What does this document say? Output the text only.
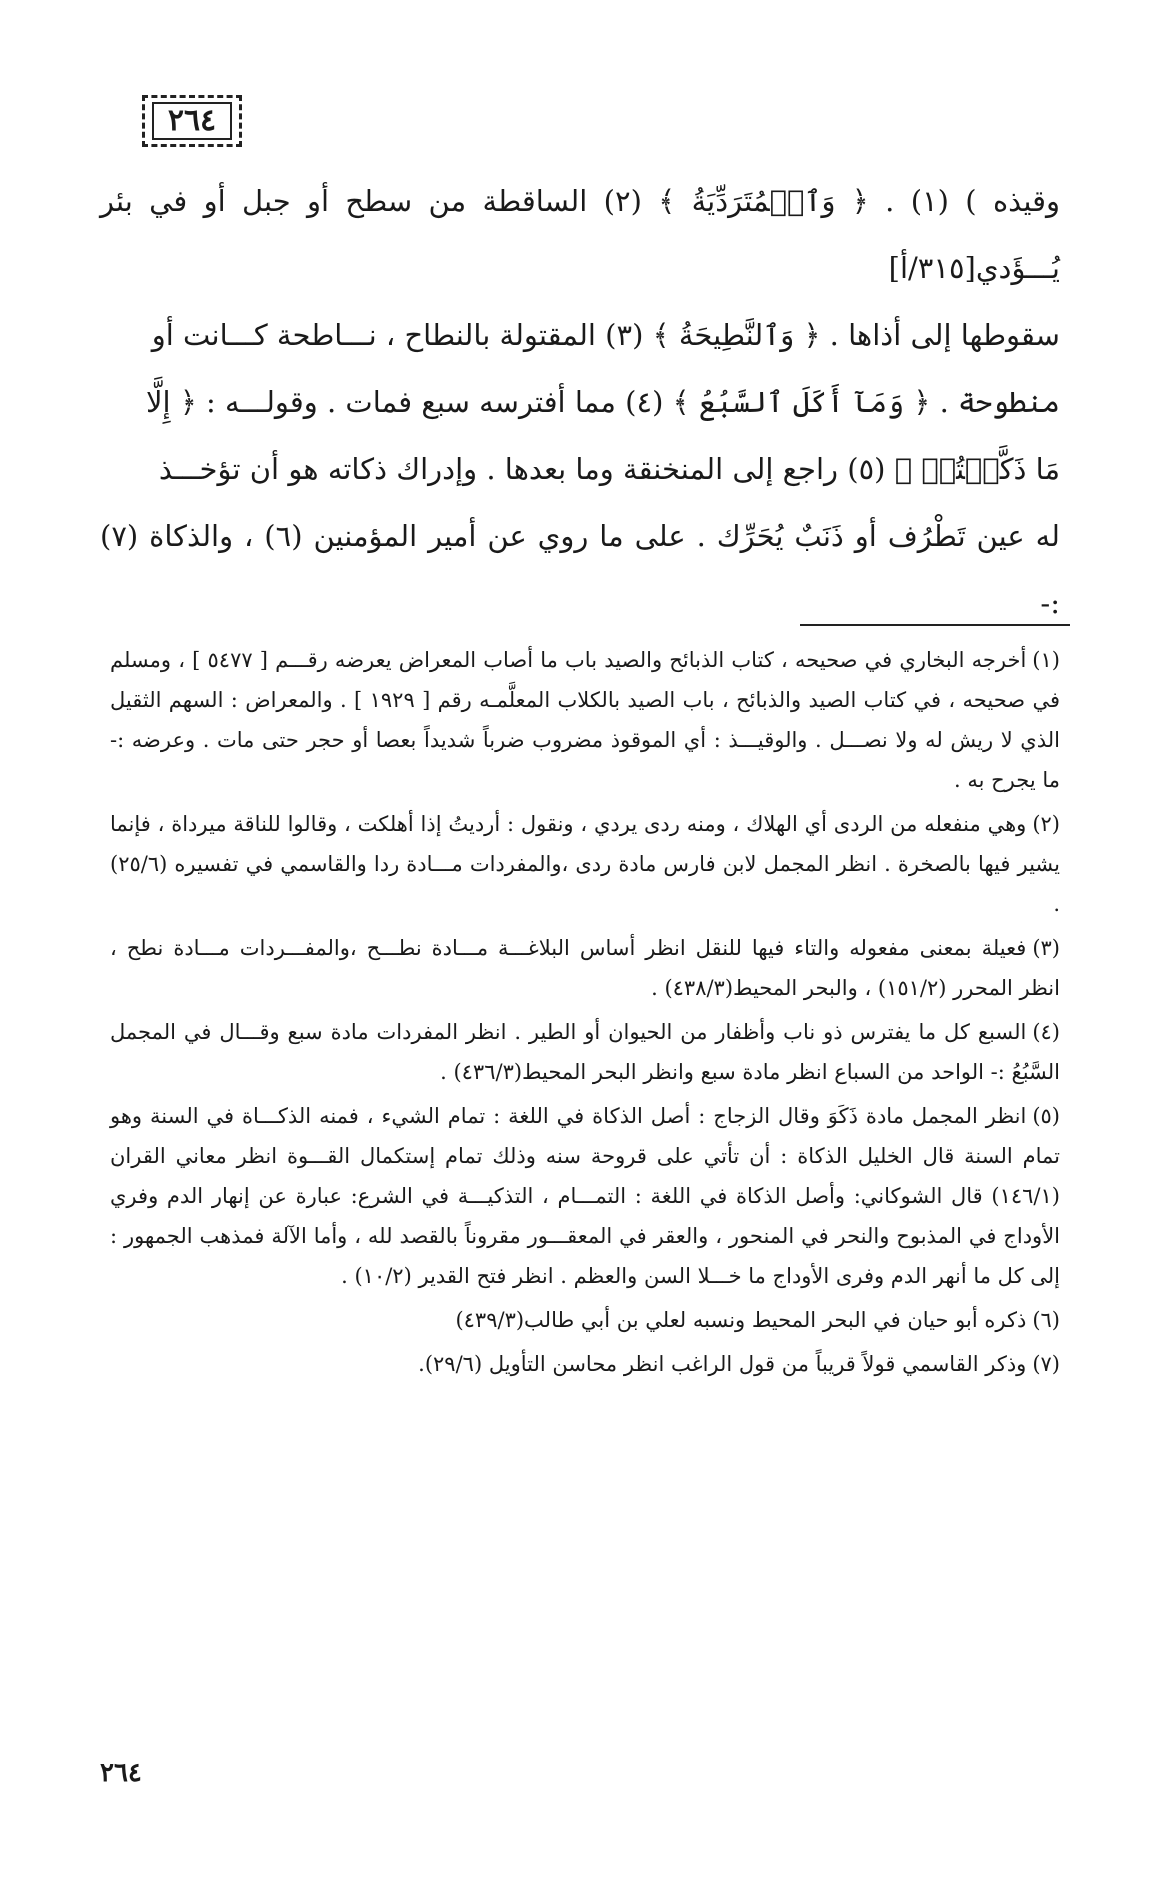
٢٦٤

وقيذه ) (١) . ﴿ وَٱلۡمُتَرَدِّيَةُ ﴾ (٢) الساقطة من سطح أو جبل أو في بئر يُـــؤَدي[٣١٥/أ]

سقوطها إلى أذاها . ﴿ وَٱلنَّطِيحَةُ ﴾ (٣) المقتولة بالنطاح ، نـــاطحة كـــانت أو

منطوحة . ﴿ وَمَآ أَكَلَ ٱلسَّبُعُ ﴾ (٤) مما أفترسه سبع فمات . وقولـــه : ﴿ إِلَّا

مَا ذَكَّيۡتُمۡ ﴾ (٥) راجع إلى المنخنقة وما بعدها . وإدراك ذكاته هو أن تؤخـــذ

له عين تَطْرُف أو ذَنَبٌ يُحَرِّك . على ما روي عن أمير المؤمنين (٦) ، والذكاة (٧) :-

(١)أخرجه البخاري في صحيحه ، كتاب الذبائح والصيد باب ما أصاب المعراض يعرضه رقـــم [ ٥٤٧٧ ] ، ومسلم في صحيحه ، في كتاب الصيد والذبائح ، باب الصيد بالكلاب المعلَّمـه رقم [ ١٩٢٩ ] . والمعراض : السهم الثقيل الذي لا ريش له ولا نصـــل . والوقيـــذ : أي الموقوذ مضروب ضرباً شديداً بعصا أو حجر حتى مات . وعرضه :- ما يجرح به .

(٢)وهي منفعله من الردى أي الهلاك ، ومنه ردى يردي ، ونقول : أرديتُ إذا أهلكت ، وقالوا للناقة ميرداة ، فإنما يشير فيها بالصخرة . انظر المجمل لابن فارس مادة ردى ،والمفردات مـــادة ردا والقاسمي في تفسيره (٢٥/٦) .

(٣)فعيلة بمعنى مفعوله والتاء فيها للنقل انظر أساس البلاغـــة مـــادة نطـــح ،والمفـــردات مـــادة نطح ، انظر المحرر (١٥١/٢) ، والبحر المحيط(٤٣٨/٣) .

(٤)السبع كل ما يفترس ذو ناب وأظفار من الحيوان أو الطير . انظر المفردات مادة سبع وقـــال في المجمل السَّبُعُ :- الواحد من السباع انظر مادة سبع وانظر البحر المحيط(٤٣٦/٣) .

(٥)انظر المجمل مادة ذَكَوَ وقال الزجاج : أصل الذكاة في اللغة : تمام الشيء ، فمنه الذكـــاة في السنة وهو تمام السنة قال الخليل الذكاة : أن تأتي على قروحة سنه وذلك تمام إستكمال القـــوة انظر معاني القران (١٤٦/١) قال الشوكاني: وأصل الذكاة في اللغة : التمـــام ، التذكيـــة في الشرع: عبارة عن إنهار الدم وفري الأوداج في المذبوح والنحر في المنحور ، والعقر في المعقـــور مقروناً بالقصد لله ، وأما الآلة فمذهب الجمهور : إلى كل ما أنهر الدم وفرى الأوداج ما خـــلا السن والعظم . انظر فتح القدير (١٠/٢) .

(٦)ذكره أبو حيان في البحر المحيط ونسبه لعلي بن أبي طالب(٤٣٩/٣)

(٧)وذكر القاسمي قولاً قريباً من قول الراغب انظر محاسن التأويل (٢٩/٦).

٢٦٤
